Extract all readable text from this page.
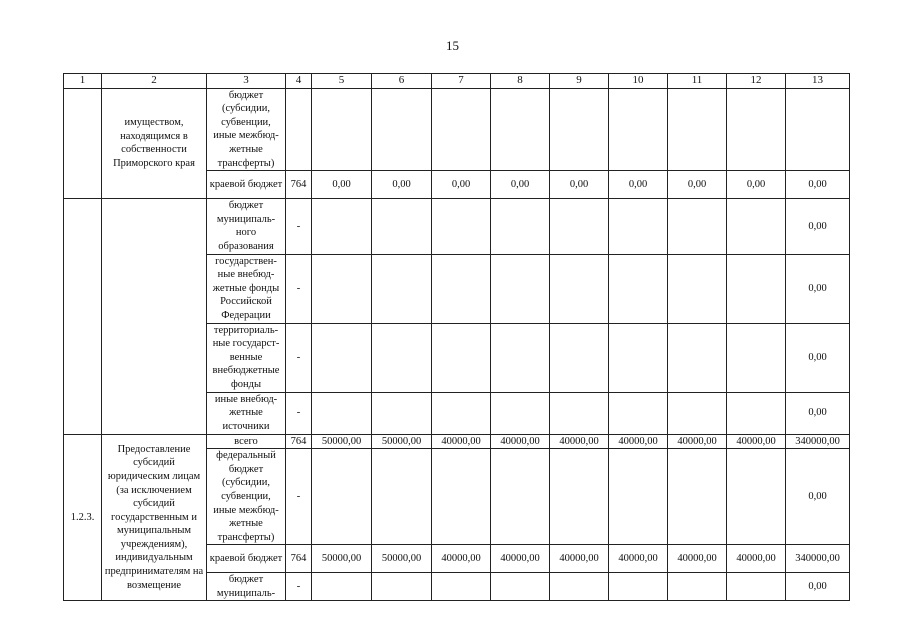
15
1	2	3	4	5	6	7	8	9	10	11	12	13
	имуществом, находящимся в собственности Приморского края	бюджет (субсидии, субвенции, иные межбюд- жетные трансферты)										
		краевой бюджет	764	0,00	0,00	0,00	0,00	0,00	0,00	0,00	0,00	0,00
		бюджет муниципаль- ного образования	-									0,00
		государствен- ные внебюд- жетные фонды Российской Федерации	-									0,00
		территориаль- ные государст- венные внебюджетные фонды	-									0,00
		иные внебюд- жетные источники	-									0,00
1.2.3.	Предоставление субсидий юридическим лицам (за исключением субсидий государственным и муниципальным учреждениям), индивидуальным предпринимателям на возмещение	всего	764	50000,00	50000,00	40000,00	40000,00	40000,00	40000,00	40000,00	40000,00	340000,00
		федеральный бюджет (субсидии, субвенции, иные межбюд- жетные трансферты)	-									0,00
		краевой бюджет	764	50000,00	50000,00	40000,00	40000,00	40000,00	40000,00	40000,00	40000,00	340000,00
		бюджет муниципаль-	-									0,00
